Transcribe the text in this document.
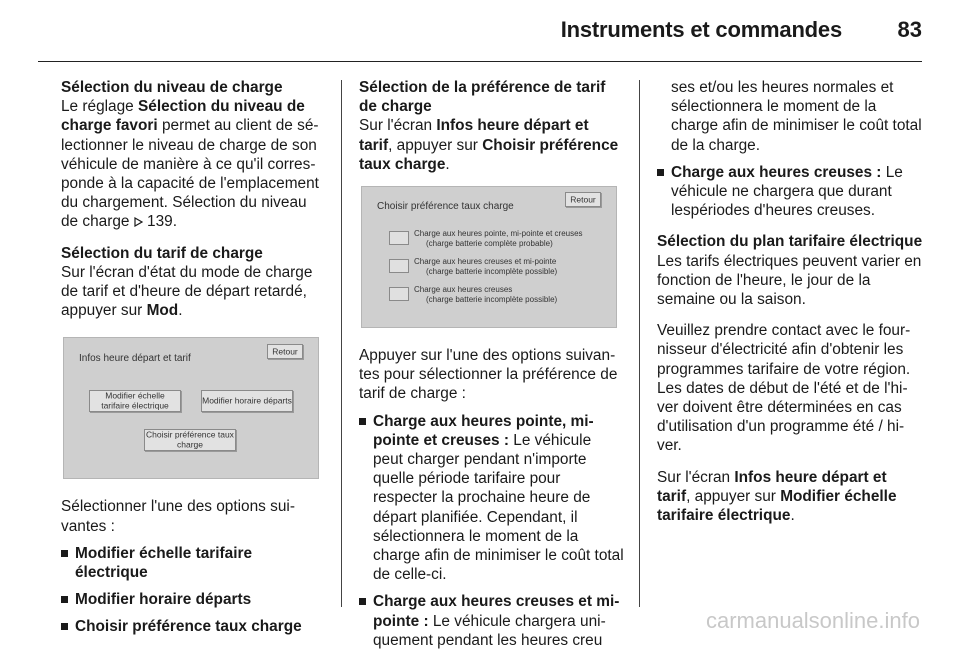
Instruments et commandes	83

Sélection du niveau de charge

Le réglage Sélection du niveau de charge favori permet au client de sélectionner le niveau de charge de son véhicule de manière à ce qu'il corresponde à la capacité de l'emplacement du chargement. Sélection du niveau de charge  139.

Sélection du tarif de charge

Sur l'écran d'état du mode de charge de tarif et d'heure de départ retardé, appuyer sur Mod.

Infos heure départ et tarif
Retour
Modifier échelle tarifaire électrique	Modifier horaire départs
Choisir préférence taux charge

Sélectionner l'une des options suivantes :

Modifier échelle tarifaire électrique
Modifier horaire départs
Choisir préférence taux charge

Sélection de la préférence de tarif de charge

Sur l'écran Infos heure départ et tarif, appuyer sur Choisir préférence taux charge.

Choisir préférence taux charge
Retour
Charge aux heures pointe, mi-pointe et creuses
(charge batterie complète probable)
Charge aux heures creuses et mi-pointe
(charge batterie incomplète possible)
Charge aux heures creuses
(charge batterie incomplète possible)

Appuyer sur l'une des options suivantes pour sélectionner la préférence de tarif de charge :

Charge aux heures pointe, mipointe et creuses : Le véhicule peut charger pendant n'importe quelle période tarifaire pour respecter la prochaine heure de départ planifiée. Cependant, il sélectionnera le moment de la charge afin de minimiser le coût total de celle-ci.
Charge aux heures creuses et mipointe : Le véhicule chargera uniquement pendant les heures creu

ses et/ou les heures normales et sélectionnera le moment de la charge afin de minimiser le coût total de la charge.

Charge aux heures creuses : Le véhicule ne chargera que durant lespériodes d'heures creuses.

Sélection du plan tarifaire électrique

Les tarifs électriques peuvent varier en fonction de l'heure, le jour de la semaine ou la saison.

Veuillez prendre contact avec le fournisseur d'électricité afin d'obtenir les programmes tarifaire de votre région. Les dates de début de l'été et de l'hiver doivent être déterminées en cas d'utilisation d'un programme été / hiver.

Sur l'écran Infos heure départ et tarif, appuyer sur Modifier échelle tarifaire électrique.

carmanualsonline.info
